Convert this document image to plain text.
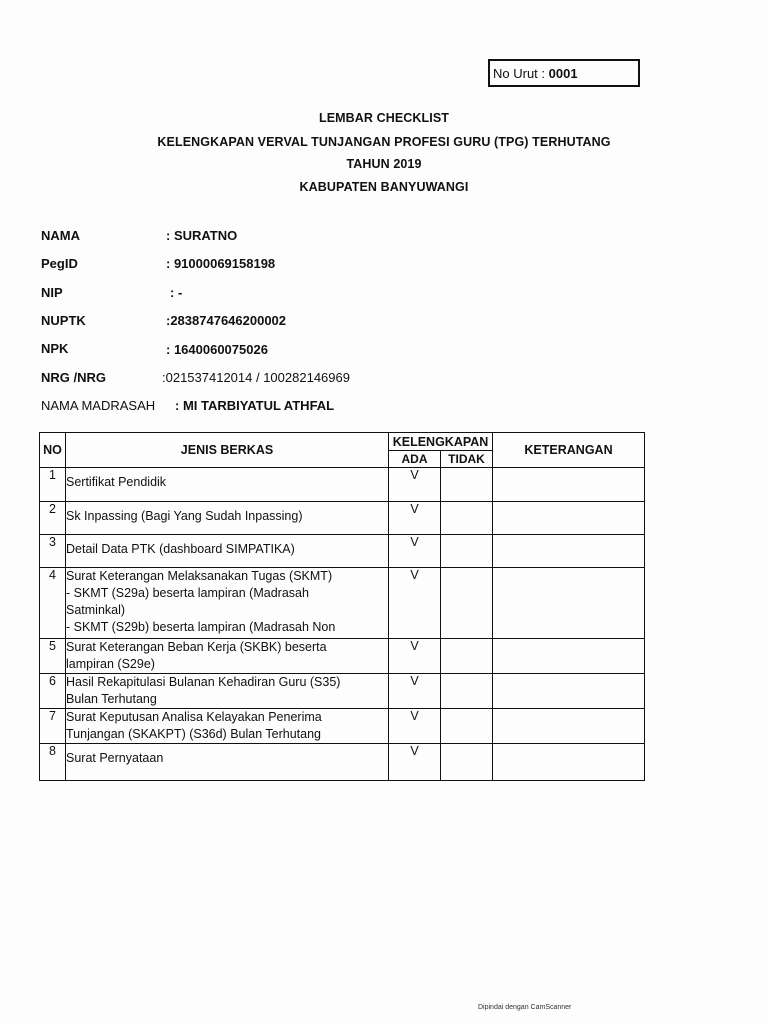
No Urut : 0001
LEMBAR CHECKLIST
KELENGKAPAN VERVAL TUNJANGAN PROFESI GURU (TPG) TERHUTANG
TAHUN 2019
KABUPATEN BANYUWANGI
NAMA	: SURATNO
PegID	: 91000069158198
NIP	: -
NUPTK	:2838747646200002
NPK	: 1640060075026
NRG /NRG	:021537412014 / 100282146969
NAMA MADRASAH : MI TARBIYATUL ATHFAL
NO	JENIS BERKAS	KELENGKAPAN		KETERANGAN
		ADA	TIDAK	
1	Sertifikat Pendidik	V		
2	Sk Inpassing (Bagi Yang Sudah Inpassing)	V		
3	Detail Data PTK (dashboard SIMPATIKA)	V		
4	Surat Keterangan Melaksanakan Tugas (SKMT)
- SKMT (S29a) beserta lampiran (Madrasah
Satminkal)
- SKMT (S29b) beserta lampiran (Madrasah Non	V		
5	Surat Keterangan Beban Kerja (SKBK) beserta
lampiran (S29e)	V		
6	Hasil Rekapitulasi Bulanan Kehadiran Guru (S35)
Bulan Terhutang	V		
7	Surat Keputusan Analisa Kelayakan Penerima
Tunjangan (SKAKPT) (S36d) Bulan Terhutang	V		
8	Surat Pernyataan	V		
Dipindai dengan CamScanner
